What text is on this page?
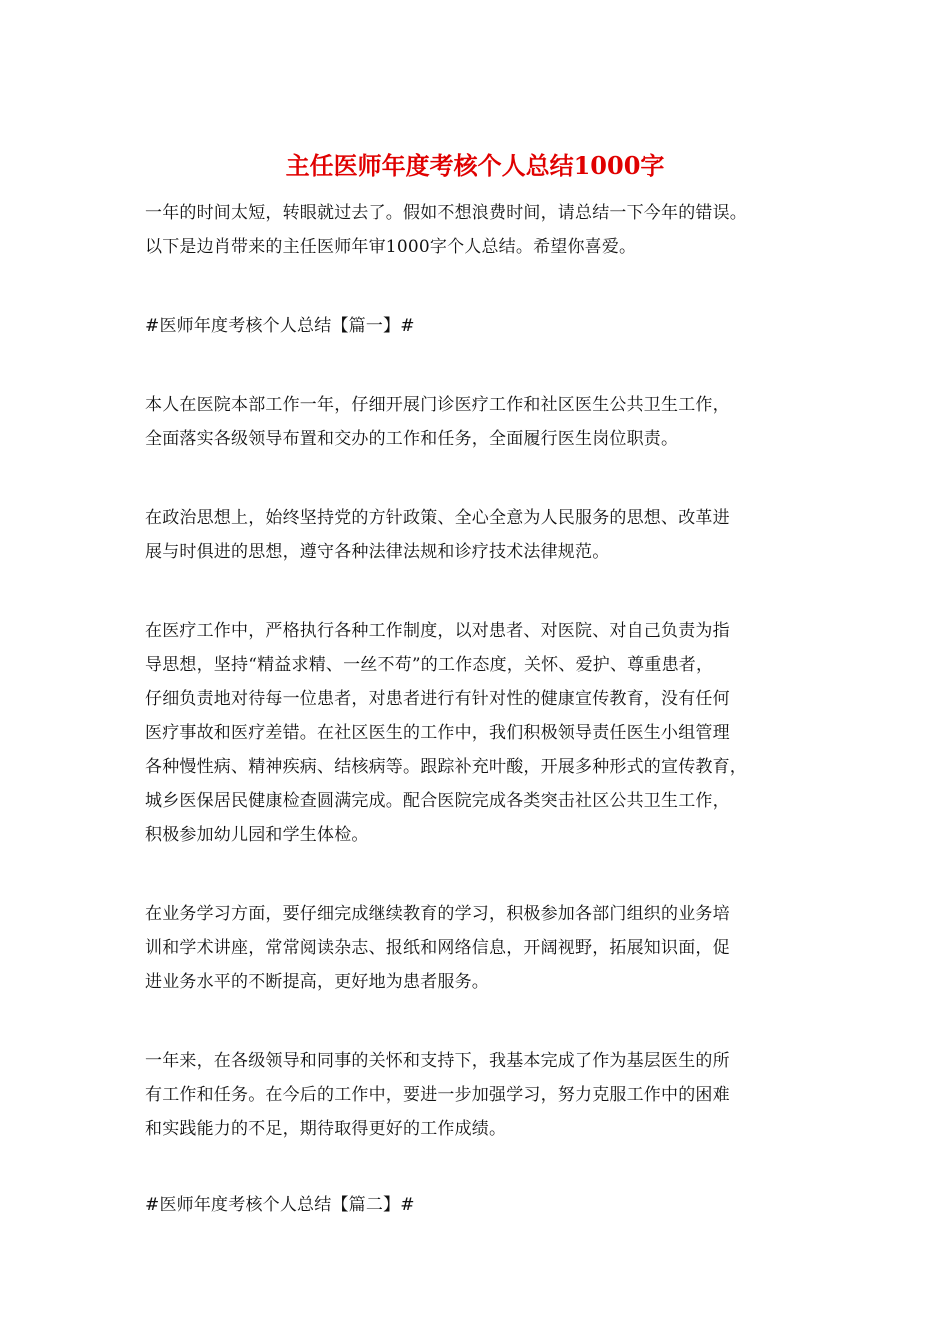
主任医师年度考核个人总结1000字

一年的时间太短，转眼就过去了。假如不想浪费时间，请总结一下今年的错误。
以下是边肖带来的主任医师年审1000字个人总结。希望你喜爱。

#医师年度考核个人总结【篇一】#

本人在医院本部工作一年，仔细开展门诊医疗工作和社区医生公共卫生工作，
全面落实各级领导布置和交办的工作和任务，全面履行医生岗位职责。

在政治思想上，始终坚持党的方针政策、全心全意为人民服务的思想、改革进
展与时俱进的思想，遵守各种法律法规和诊疗技术法律规范。

在医疗工作中，严格执行各种工作制度，以对患者、对医院、对自己负责为指
导思想，坚持“精益求精、一丝不苟”的工作态度，关怀、爱护、尊重患者，
仔细负责地对待每一位患者，对患者进行有针对性的健康宣传教育，没有任何
医疗事故和医疗差错。在社区医生的工作中，我们积极领导责任医生小组管理
各种慢性病、精神疾病、结核病等。跟踪补充叶酸，开展多种形式的宣传教育，
城乡医保居民健康检查圆满完成。配合医院完成各类突击社区公共卫生工作，
积极参加幼儿园和学生体检。

在业务学习方面，要仔细完成继续教育的学习，积极参加各部门组织的业务培
训和学术讲座，常常阅读杂志、报纸和网络信息，开阔视野，拓展知识面，促
进业务水平的不断提高，更好地为患者服务。

一年来，在各级领导和同事的关怀和支持下，我基本完成了作为基层医生的所
有工作和任务。在今后的工作中，要进一步加强学习，努力克服工作中的困难
和实践能力的不足，期待取得更好的工作成绩。

#医师年度考核个人总结【篇二】#
